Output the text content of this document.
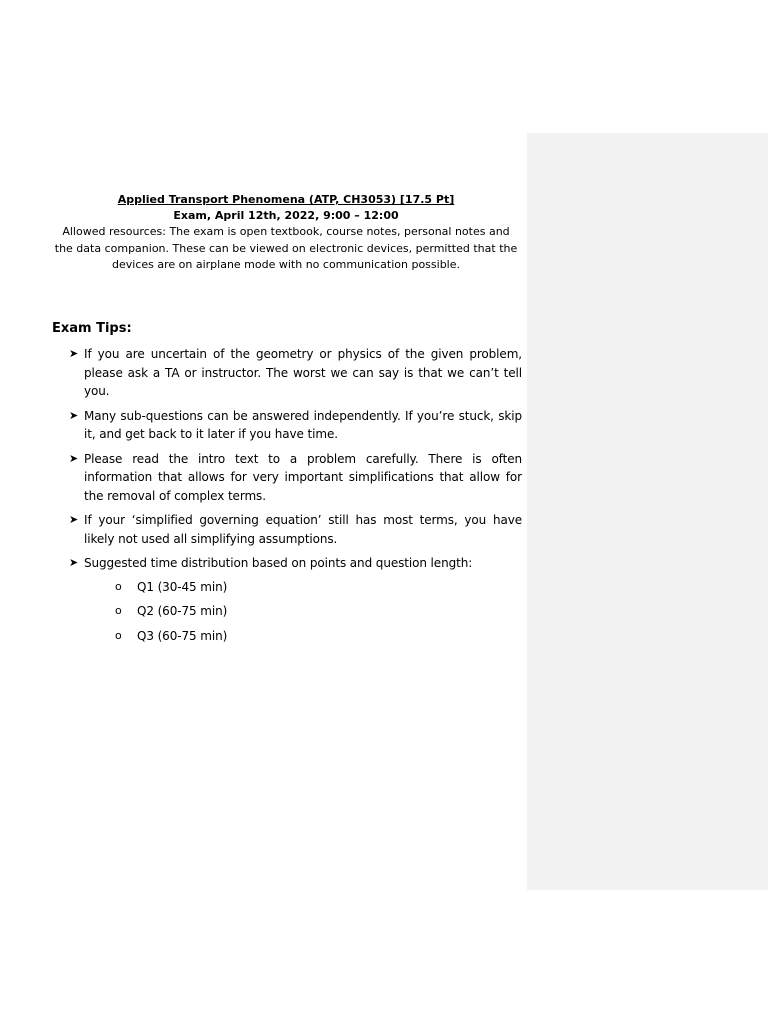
Applied Transport Phenomena (ATP, CH3053) [17.5 Pt]
Exam, April 12th, 2022, 9:00 – 12:00
Allowed resources: The exam is open textbook, course notes, personal notes and the data companion. These can be viewed on electronic devices, permitted that the devices are on airplane mode with no communication possible.
Exam Tips:
➤ If you are uncertain of the geometry or physics of the given problem, please ask a TA or instructor. The worst we can say is that we can’t tell you.
➤ Many sub-questions can be answered independently. If you’re stuck, skip it, and get back to it later if you have time.
➤ Please read the intro text to a problem carefully. There is often information that allows for very important simplifications that allow for the removal of complex terms.
➤ If your ‘simplified governing equation’ still has most terms, you have likely not used all simplifying assumptions.
➤ Suggested time distribution based on points and question length:
o Q1 (30-45 min)
o Q2 (60-75 min)
o Q3 (60-75 min)
